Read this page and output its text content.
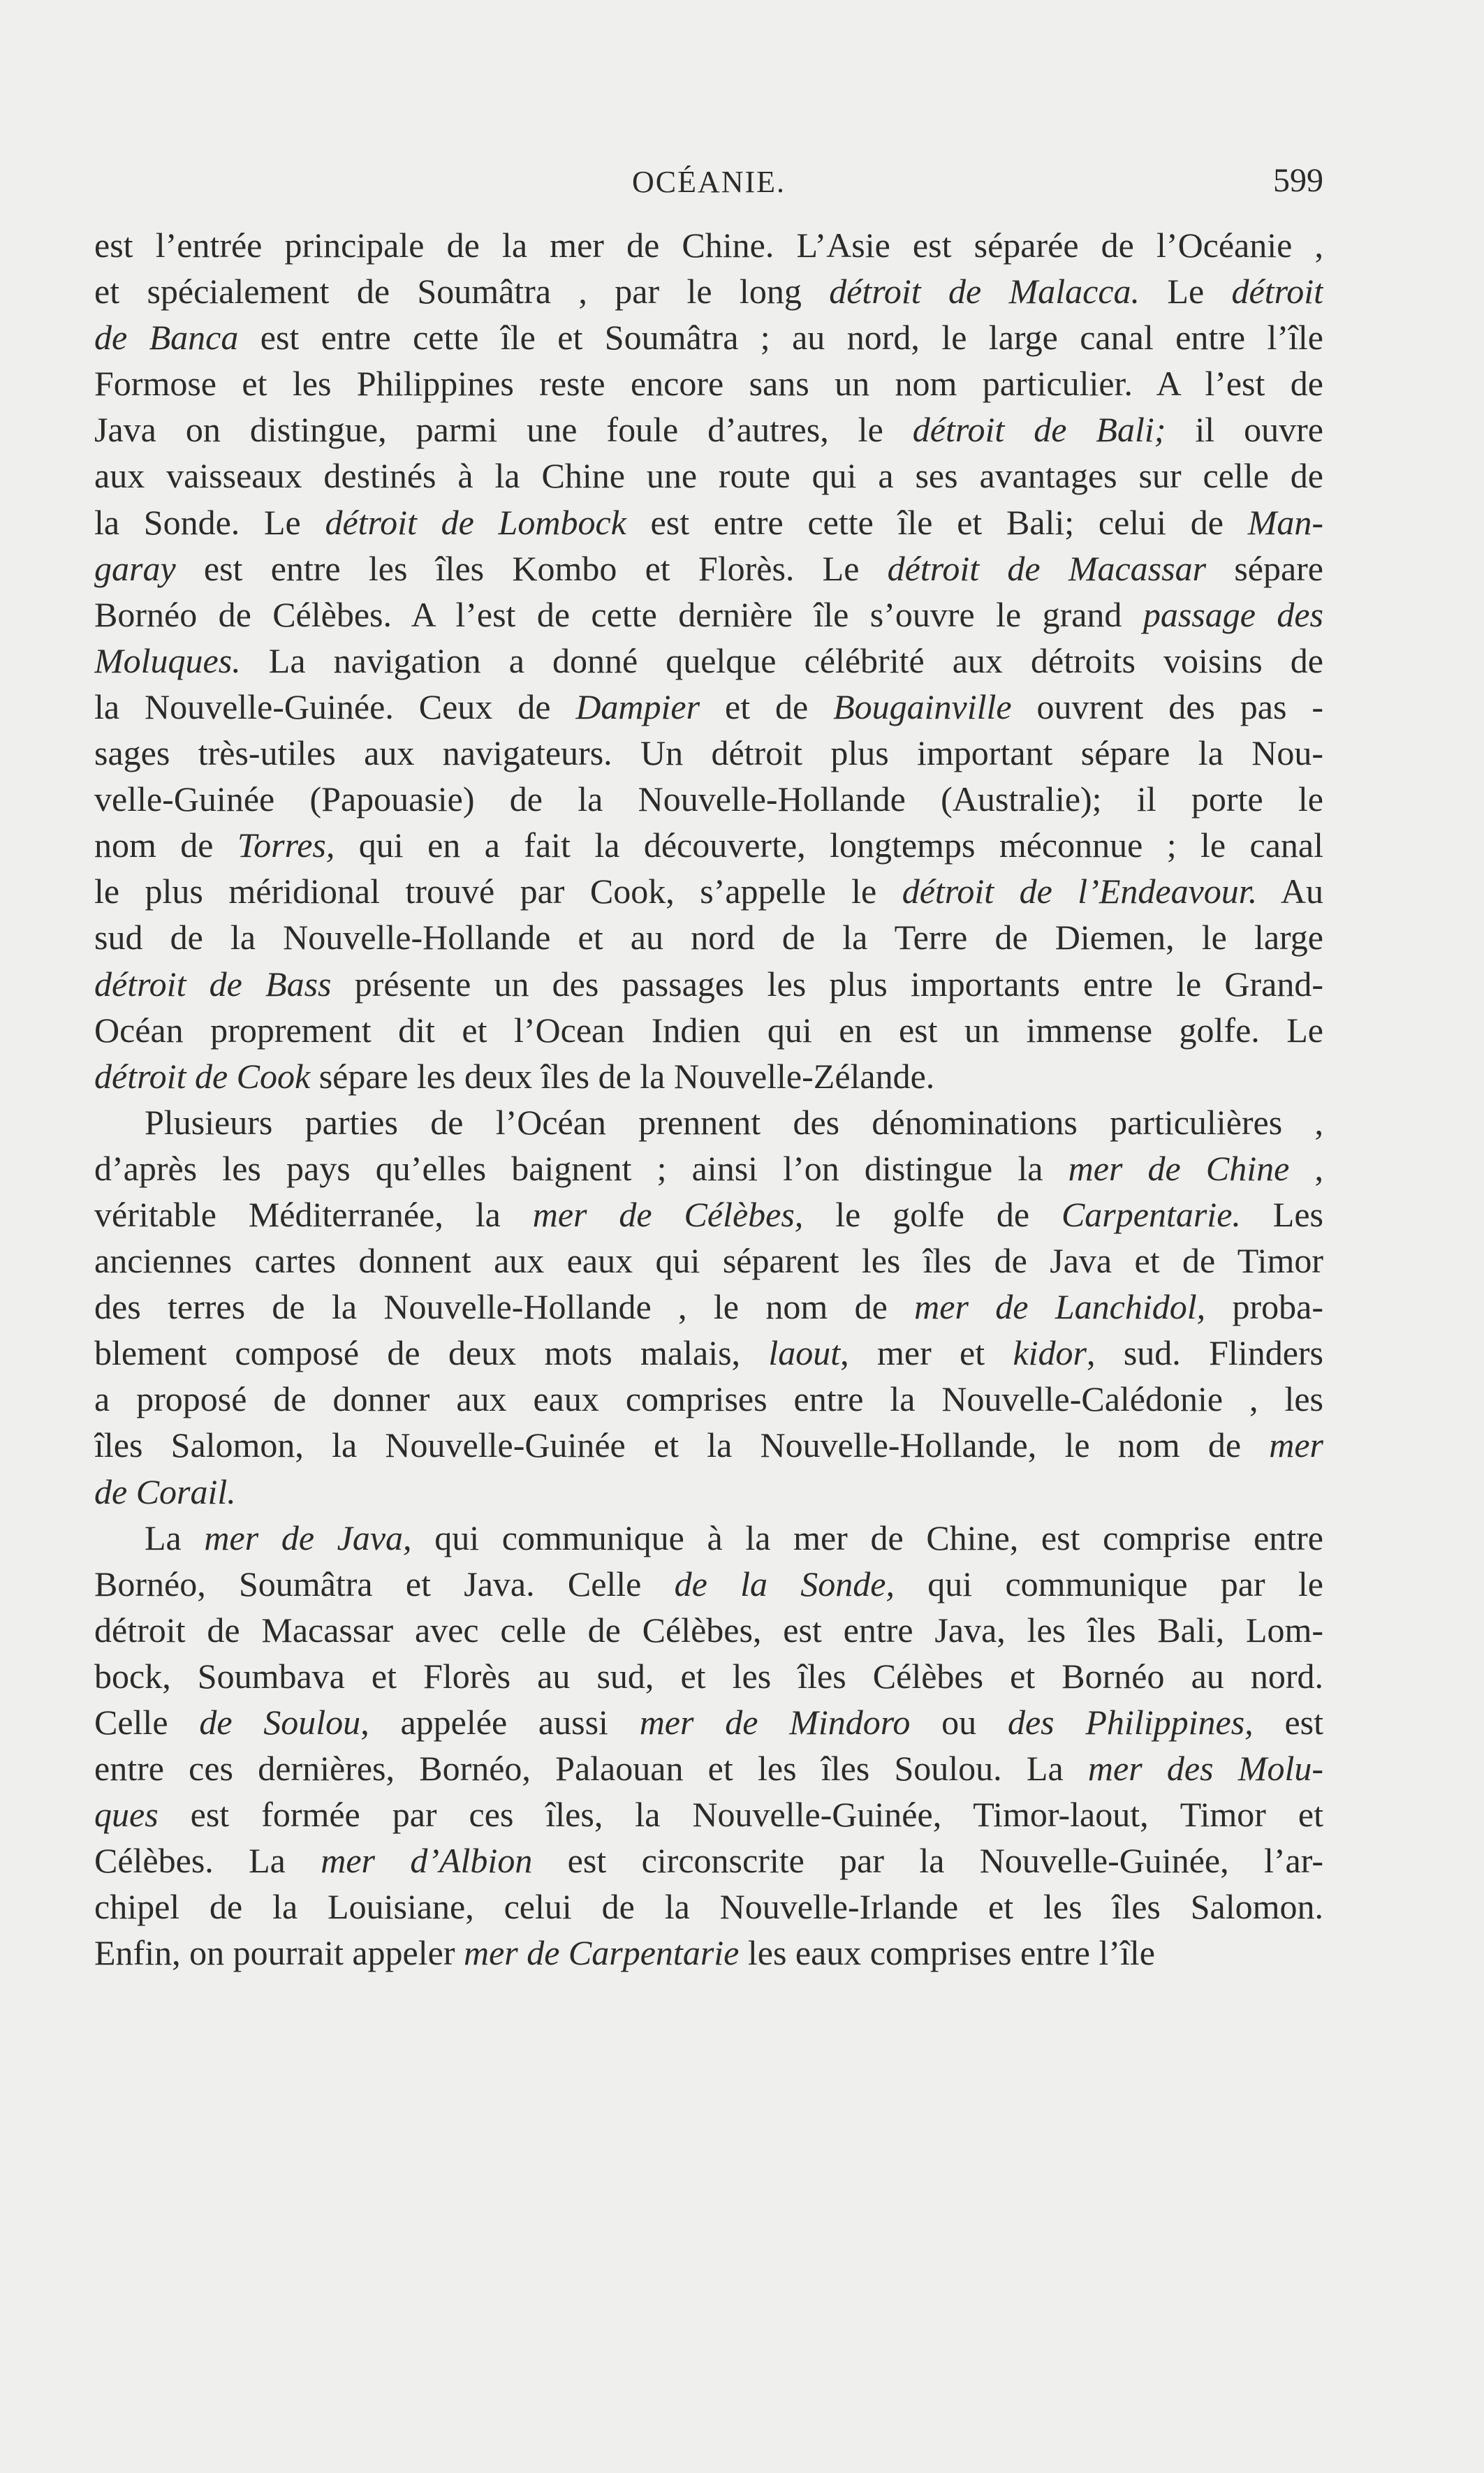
OCÉANIE.	599
est l’entrée principale de la mer de Chine. L’Asie est séparée de l’Océanie ,
et spécialement de Soumâtra , par le long détroit de Malacca. Le détroit
de Banca est entre cette île et Soumâtra ; au nord, le large canal entre l’île
Formose et les Philippines reste encore sans un nom particulier. A l’est de
Java on distingue, parmi une foule d’autres, le détroit de Bali; il ouvre
aux vaisseaux destinés à la Chine une route qui a ses avantages sur celle de
la Sonde. Le détroit de Lombock est entre cette île et Bali; celui de Man-
garay est entre les îles Kombo et Florès. Le détroit de Macassar sépare
Bornéo de Célèbes. A l’est de cette dernière île s’ouvre le grand passage des
Moluques. La navigation a donné quelque célébrité aux détroits voisins de
la Nouvelle-Guinée. Ceux de Dampier et de Bougainville ouvrent des pas -
sages très-utiles aux navigateurs. Un détroit plus important sépare la Nou-
velle-Guinée (Papouasie) de la Nouvelle-Hollande (Australie); il porte le
nom de Torres, qui en a fait la découverte, longtemps méconnue ; le canal
le plus méridional trouvé par Cook, s’appelle le détroit de l’Endeavour. Au
sud de la Nouvelle-Hollande et au nord de la Terre de Diemen, le large
détroit de Bass présente un des passages les plus importants entre le Grand-
Océan proprement dit et l’Ocean Indien qui en est un immense golfe. Le
détroit de Cook sépare les deux îles de la Nouvelle-Zélande.
Plusieurs parties de l’Océan prennent des dénominations particulières ,
d’après les pays qu’elles baignent ; ainsi l’on distingue la mer de Chine ,
véritable Méditerranée, la mer de Célèbes, le golfe de Carpentarie. Les
anciennes cartes donnent aux eaux qui séparent les îles de Java et de Timor
des terres de la Nouvelle-Hollande , le nom de mer de Lanchidol, proba-
blement composé de deux mots malais, laout, mer et kidor, sud. Flinders
a proposé de donner aux eaux comprises entre la Nouvelle-Calédonie , les
îles Salomon, la Nouvelle-Guinée et la Nouvelle-Hollande, le nom de mer
de Corail.
La mer de Java, qui communique à la mer de Chine, est comprise entre
Bornéo, Soumâtra et Java. Celle de la Sonde, qui communique par le
détroit de Macassar avec celle de Célèbes, est entre Java, les îles Bali, Lom-
bock, Soumbava et Florès au sud, et les îles Célèbes et Bornéo au nord.
Celle de Soulou, appelée aussi mer de Mindoro ou des Philippines, est
entre ces dernières, Bornéo, Palaouan et les îles Soulou. La mer des Molu-
ques est formée par ces îles, la Nouvelle-Guinée, Timor-laout, Timor et
Célèbes. La mer d’Albion est circonscrite par la Nouvelle-Guinée, l’ar-
chipel de la Louisiane, celui de la Nouvelle-Irlande et les îles Salomon.
Enfin, on pourrait appeler mer de Carpentarie les eaux comprises entre l’île
